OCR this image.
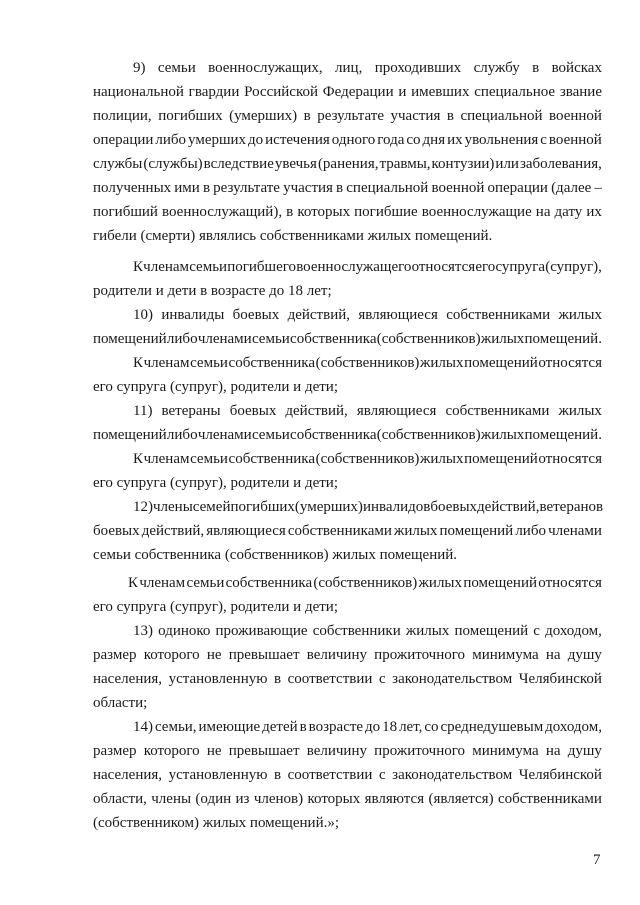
9) семьи военнослужащих, лиц, проходивших службу в войсках
национальной гвардии Российской Федерации и имевших специальное звание
полиции, погибших (умерших) в результате участия в специальной военной
операции либо умерших до истечения одного года со дня их увольнения с военной
службы (службы) вследствие увечья (ранения, травмы, контузии) или заболевания,
полученных ими в результате участия в специальной военной операции (далее –
погибший военнослужащий), в которых погибшие военнослужащие на дату их
гибели (смерти) являлись собственниками жилых помещений.
К членам семьи погибшего военнослужащего относятся его супруга (супруг),
родители и дети в возрасте до 18 лет;
10) инвалиды боевых действий, являющиеся собственниками жилых
помещений либо членами семьи собственника (собственников) жилых помещений.
К членам семьи собственника (собственников) жилых помещений относятся
его супруга (супруг), родители и дети;
11) ветераны боевых действий, являющиеся собственниками жилых
помещений либо членами семьи собственника (собственников) жилых помещений.
К членам семьи собственника (собственников) жилых помещений относятся
его супруга (супруг), родители и дети;
12) члены семей погибших (умерших) инвалидов боевых действий, ветеранов
боевых действий, являющиеся собственниками жилых помещений либо членами
семьи собственника (собственников) жилых помещений.
К членам семьи собственника (собственников) жилых помещений относятся
его супруга (супруг), родители и дети;
13) одиноко проживающие собственники жилых помещений с доходом,
размер которого не превышает величину прожиточного минимума на душу
населения, установленную в соответствии с законодательством Челябинской
области;
14) семьи, имеющие детей в возрасте до 18 лет, со среднедушевым доходом,
размер которого не превышает величину прожиточного минимума на душу
населения, установленную в соответствии с законодательством Челябинской
области, члены (один из членов) которых являются (является) собственниками
(собственником) жилых помещений.»;
7
